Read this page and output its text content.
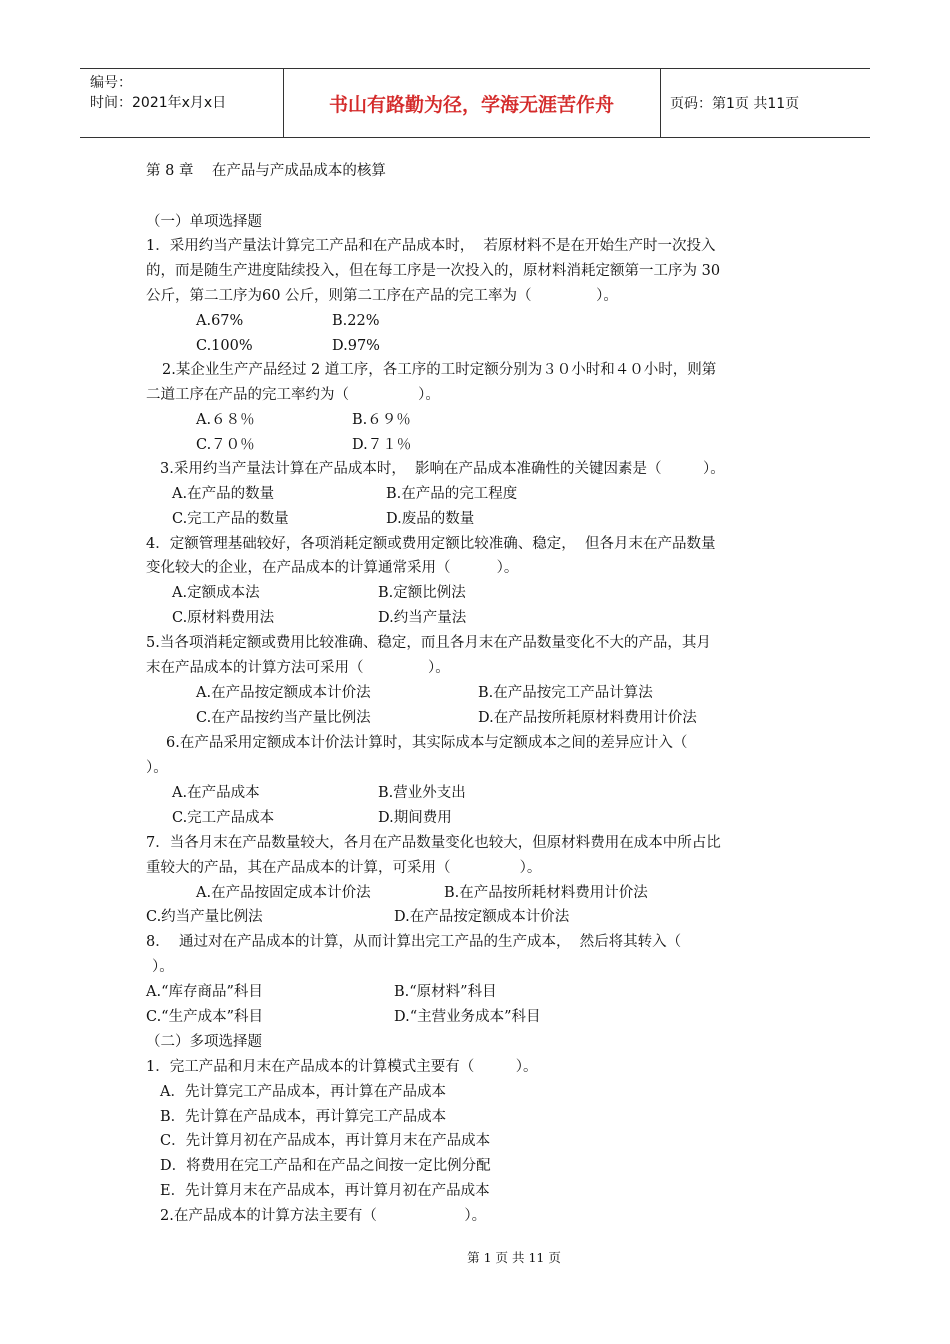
编号：
时间：2021年x月x日	书山有路勤为径，学海无涯苦作舟	页码：第1页 共11页
第 8 章    在产品与产成品成本的核算
（一）单项选择题
1．采用约当产量法计算完工产品和在产品成本时，  若原材料不是在开始生产时一次投入
的，而是随生产进度陆续投入，但在每工序是一次投入的，原材料消耗定额第一工序为 30
公斤，第二工序为60 公斤，则第二工序在产品的完工率为（              ）。
A.67%	B.22%
C.100%	D.97%
2.某企业生产产品经过 2 道工序，各工序的工时定额分别为３０小时和４０小时，则第
二道工序在产品的完工率约为（               ）。
A.６８％	B.６９％
C.７０％	D.７１％
3.采用约当产量法计算在产品成本时，  影响在产品成本准确性的关键因素是（         ）。
A.在产品的数量	B.在产品的完工程度
C.完工产品的数量	D.废品的数量
4．定额管理基础较好，各项消耗定额或费用定额比较准确、稳定，  但各月末在产品数量
变化较大的企业，在产品成本的计算通常采用（          ）。
A.定额成本法	B.定额比例法
C.原材料费用法	D.约当产量法
5.当各项消耗定额或费用比较准确、稳定，而且各月末在产品数量变化不大的产品，其月
末在产品成本的计算方法可采用（              ）。
A.在产品按定额成本计价法	B.在产品按完工产品计算法
C.在产品按约当产量比例法	D.在产品按所耗原材料费用计价法
6.在产品采用定额成本计价法计算时，其实际成本与定额成本之间的差异应计入（
）。
A.在产品成本	B.营业外支出
C.完工产品成本	D.期间费用
7．当各月末在产品数量较大，各月在产品数量变化也较大，但原材料费用在成本中所占比
重较大的产品，其在产品成本的计算，可采用（               ）。
A.在产品按固定成本计价法	B.在产品按所耗材料费用计价法
C.约当产量比例法	D.在产品按定额成本计价法
8．  通过对在产品成本的计算，从而计算出完工产品的生产成本，  然后将其转入（
）。
A.“库存商品”科目	B.“原材料”科目
C.“生产成本”科目	D.“主营业务成本”科目
（二）多项选择题
1．完工产品和月末在产品成本的计算模式主要有（         ）。
A．先计算完工产品成本，再计算在产品成本
B．先计算在产品成本，再计算完工产品成本
C．先计算月初在产品成本，再计算月末在产品成本
D．将费用在完工产品和在产品之间按一定比例分配
E．先计算月末在产品成本，再计算月初在产品成本
2.在产品成本的计算方法主要有（                   ）。
第 1 页 共 11 页
